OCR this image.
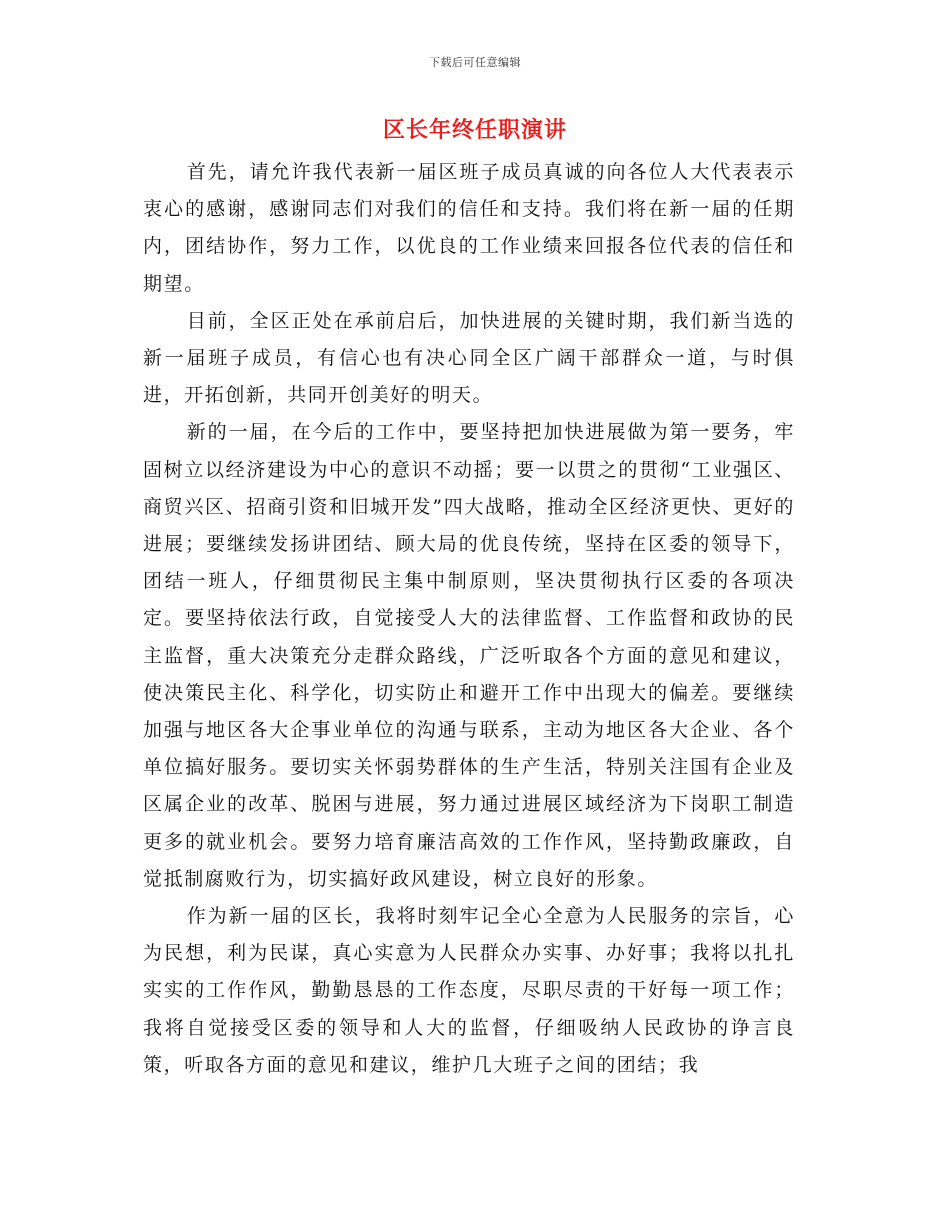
下载后可任意编辑
区长年终任职演讲

首先，请允许我代表新一届区班子成员真诚的向各位人大代表表示衷心的感谢，感谢同志们对我们的信任和支持。我们将在新一届的任期内，团结协作，努力工作，以优良的工作业绩来回报各位代表的信任和期望。

目前，全区正处在承前启后，加快进展的关键时期，我们新当选的新一届班子成员，有信心也有决心同全区广阔干部群众一道，与时俱进，开拓创新，共同开创美好的明天。

新的一届，在今后的工作中，要坚持把加快进展做为第一要务，牢固树立以经济建设为中心的意识不动摇；要一以贯之的贯彻“工业强区、商贸兴区、招商引资和旧城开发”四大战略，推动全区经济更快、更好的进展；要继续发扬讲团结、顾大局的优良传统，坚持在区委的领导下，团结一班人，仔细贯彻民主集中制原则，坚决贯彻执行区委的各项决定。要坚持依法行政，自觉接受人大的法律监督、工作监督和政协的民主监督，重大决策充分走群众路线，广泛听取各个方面的意见和建议，使决策民主化、科学化，切实防止和避开工作中出现大的偏差。要继续加强与地区各大企事业单位的沟通与联系，主动为地区各大企业、各个单位搞好服务。要切实关怀弱势群体的生产生活，特别关注国有企业及区属企业的改革、脱困与进展，努力通过进展区域经济为下岗职工制造更多的就业机会。要努力培育廉洁高效的工作作风，坚持勤政廉政，自觉抵制腐败行为，切实搞好政风建设，树立良好的形象。

作为新一届的区长，我将时刻牢记全心全意为人民服务的宗旨，心为民想，利为民谋，真心实意为人民群众办实事、办好事；我将以扎扎实实的工作作风，勤勤恳恳的工作态度，尽职尽责的干好每一项工作；我将自觉接受区委的领导和人大的监督，仔细吸纳人民政协的诤言良策，听取各方面的意见和建议，维护几大班子之间的团结；我
